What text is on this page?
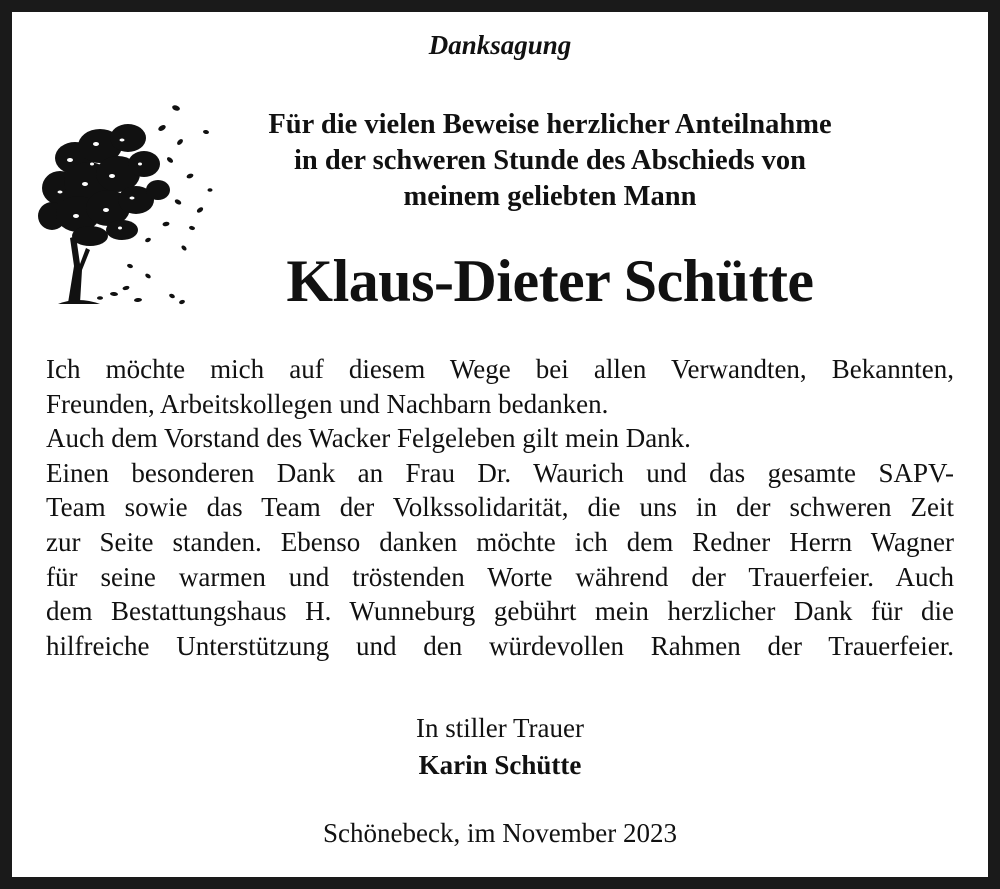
Danksagung
Für die vielen Beweise herzlicher Anteilnahme
in der schweren Stunde des Abschieds von
meinem geliebten Mann
Klaus-Dieter Schütte
Ich möchte mich auf diesem Wege bei allen Verwandten, Bekannten,
Freunden, Arbeitskollegen und Nachbarn bedanken.
Auch dem Vorstand des Wacker Felgeleben gilt mein Dank.
Einen besonderen Dank an Frau Dr. Waurich und das gesamte SAPV-
Team sowie das Team der Volkssolidarität, die uns in der schweren Zeit
zur Seite standen. Ebenso danken möchte ich dem Redner Herrn Wagner
für seine warmen und tröstenden Worte während der Trauerfeier. Auch
dem Bestattungshaus H. Wunneburg gebührt mein herzlicher Dank für die
hilfreiche Unterstützung und den würdevollen Rahmen der Trauerfeier.
In stiller Trauer
Karin Schütte
Schönebeck, im November 2023
